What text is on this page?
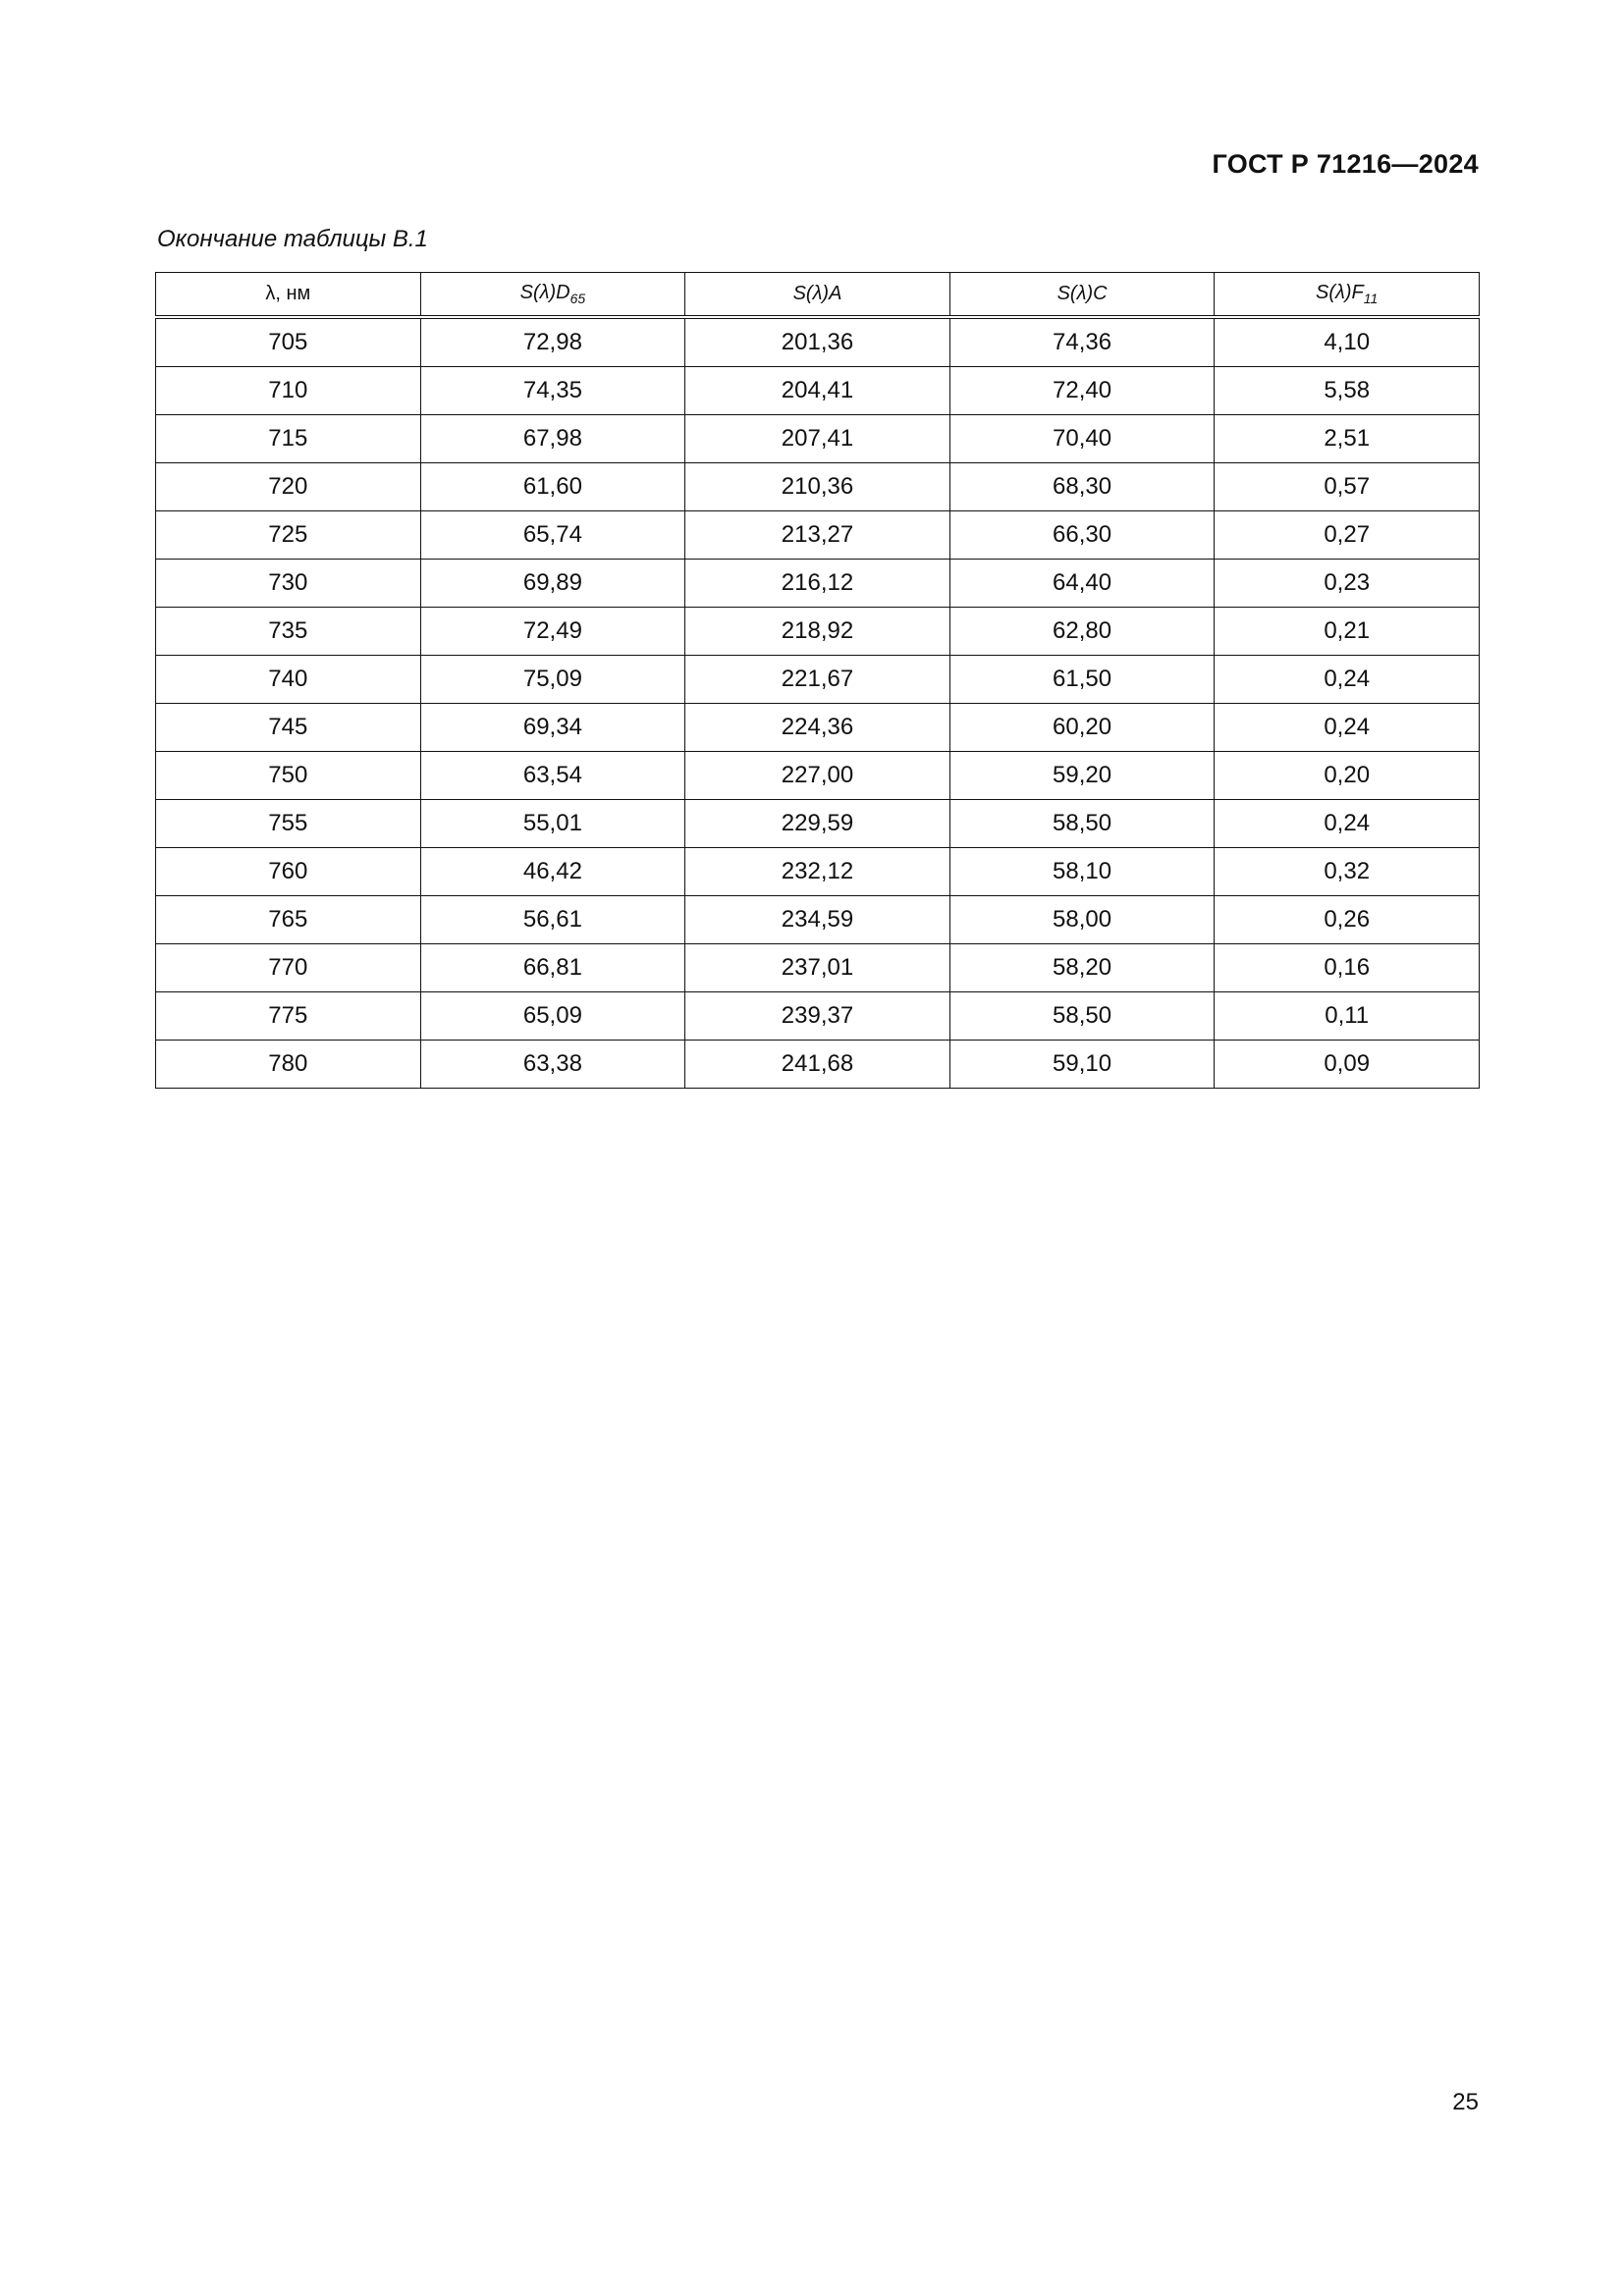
ГОСТ Р 71216—2024
Окончание таблицы В.1
λ, нм	$S(\lambda)D_{65}$	S(λ)A	S(λ)C	$S(\lambda)F_{11}$
705	72,98	201,36	74,36	4,10
710	74,35	204,41	72,40	5,58
715	67,98	207,41	70,40	2,51
720	61,60	210,36	68,30	0,57
725	65,74	213,27	66,30	0,27
730	69,89	216,12	64,40	0,23
735	72,49	218,92	62,80	0,21
740	75,09	221,67	61,50	0,24
745	69,34	224,36	60,20	0,24
750	63,54	227,00	59,20	0,20
755	55,01	229,59	58,50	0,24
760	46,42	232,12	58,10	0,32
765	56,61	234,59	58,00	0,26
770	66,81	237,01	58,20	0,16
775	65,09	239,37	58,50	0,11
780	63,38	241,68	59,10	0,09
25
